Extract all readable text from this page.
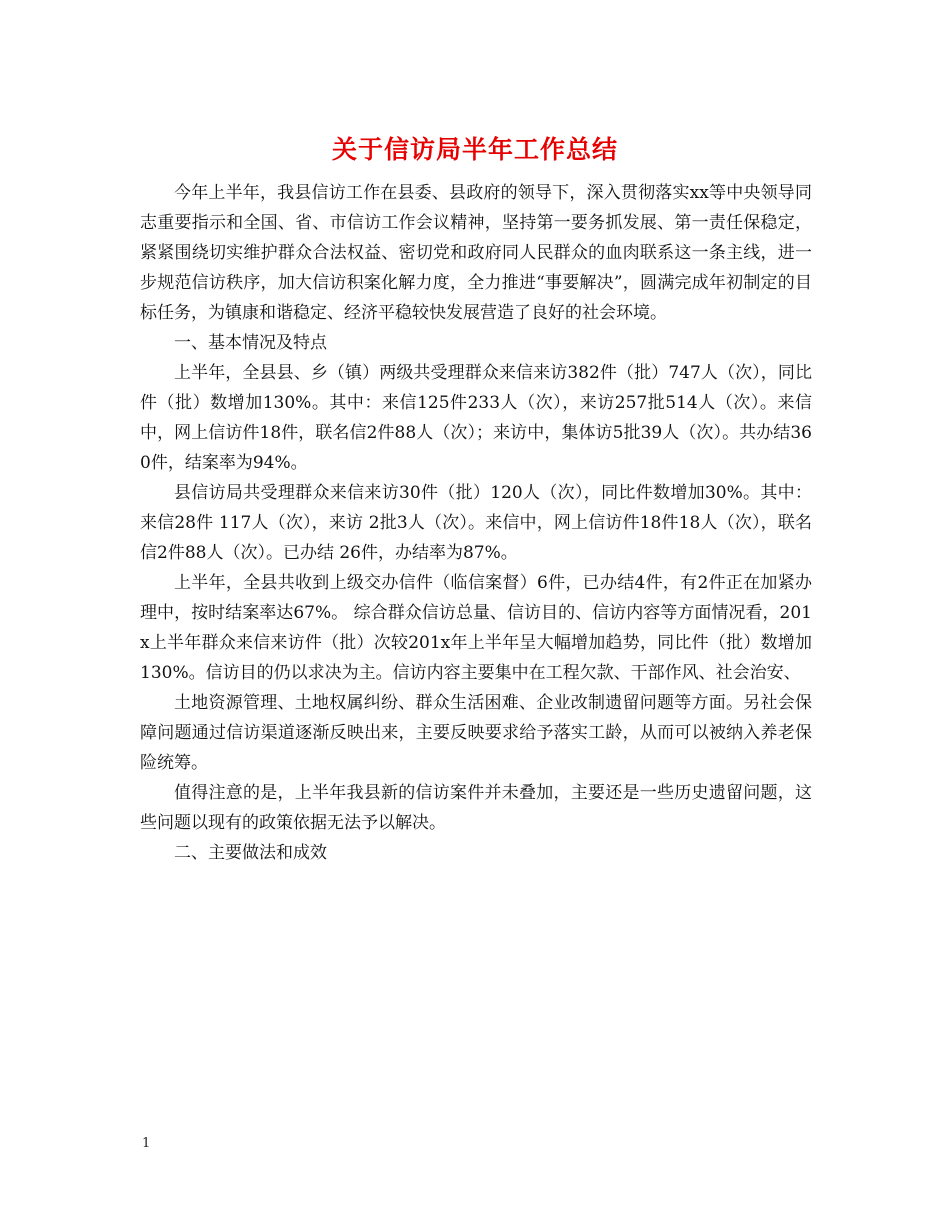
关于信访局半年工作总结

今年上半年，我县信访工作在县委、县政府的领导下，深入贯彻落实xx等中央领导同志重要指示和全国、省、市信访工作会议精神，坚持第一要务抓发展、第一责任保稳定，紧紧围绕切实维护群众合法权益、密切党和政府同人民群众的血肉联系这一条主线，进一步规范信访秩序，加大信访积案化解力度，全力推进“事要解决”，圆满完成年初制定的目标任务，为镇康和谐稳定、经济平稳较快发展营造了良好的社会环境。

一、基本情况及特点

上半年，全县县、乡（镇）两级共受理群众来信来访382件（批）747人（次），同比件（批）数增加130%。其中：来信125件233人（次），来访257批514人（次）。来信中，网上信访件18件，联名信2件88人（次）；来访中，集体访5批39人（次）。共办结360件，结案率为94%。

县信访局共受理群众来信来访30件（批）120人（次），同比件数增加30%。其中：来信28件 117人（次），来访 2批3人（次）。来信中，网上信访件18件18人（次），联名信2件88人（次）。已办结 26件，办结率为87%。

上半年，全县共收到上级交办信件（临信案督）6件，已办结4件，有2件正在加紧办理中，按时结案率达67%。 综合群众信访总量、信访目的、信访内容等方面情况看，201x上半年群众来信来访件（批）次较201x年上半年呈大幅增加趋势，同比件（批）数增加130%。信访目的仍以求决为主。信访内容主要集中在工程欠款、干部作风、社会治安、

土地资源管理、土地权属纠纷、群众生活困难、企业改制遗留问题等方面。另社会保障问题通过信访渠道逐渐反映出来，主要反映要求给予落实工龄，从而可以被纳入养老保险统筹。

值得注意的是，上半年我县新的信访案件并未叠加，主要还是一些历史遗留问题，这些问题以现有的政策依据无法予以解决。

二、主要做法和成效

1
